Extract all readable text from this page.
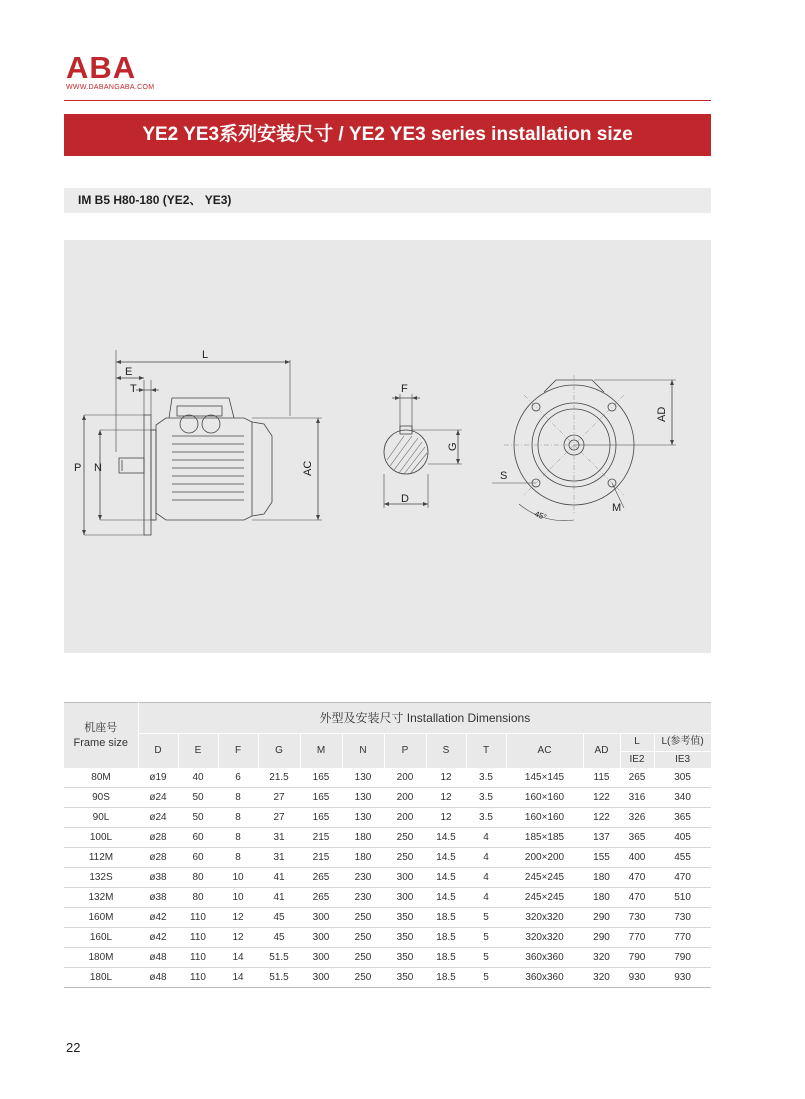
ABA
WWW.DABANGABA.COM
YE2 YE3系列安装尺寸 / YE2 YE3 series installation size
IM B5 H80-180 (YE2、 YE3)
L
E
T
P N	AC
F
G
D
AD
S
M
45°
机座号
Frame size	外型及安装尺寸 Installation Dimensions												
	D	E	F	G	M	N	P	S	T	AC	AD	L	L(参考值)
												IE2	IE3
80M	ø19	40	6	21.5	165	130	200	12	3.5	145×145	115	265	305
90S	ø24	50	8	27	165	130	200	12	3.5	160×160	122	316	340
90L	ø24	50	8	27	165	130	200	12	3.5	160×160	122	326	365
100L	ø28	60	8	31	215	180	250	14.5	4	185×185	137	365	405
112M	ø28	60	8	31	215	180	250	14.5	4	200×200	155	400	455
132S	ø38	80	10	41	265	230	300	14.5	4	245×245	180	470	470
132M	ø38	80	10	41	265	230	300	14.5	4	245×245	180	470	510
160M	ø42	110	12	45	300	250	350	18.5	5	320x320	290	730	730
160L	ø42	110	12	45	300	250	350	18.5	5	320x320	290	770	770
180M	ø48	110	14	51.5	300	250	350	18.5	5	360x360	320	790	790
180L	ø48	110	14	51.5	300	250	350	18.5	5	360x360	320	930	930
22
